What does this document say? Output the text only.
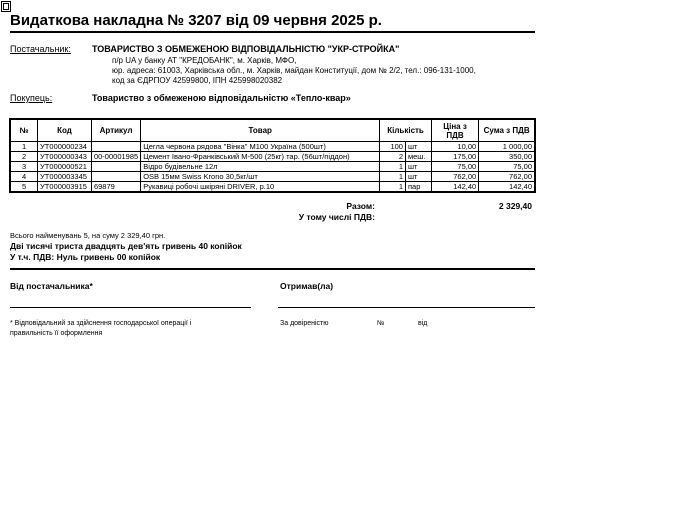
Видаткова накладна № 3207 від 09 червня 2025 р.
Постачальник: ТОВАРИСТВО З ОБМЕЖЕНОЮ ВІДПОВІДАЛЬНІСТЮ "УКР-СТРОЙКА"
п/р UA у банку АТ "КРЕДОБАНК", м. Харків, МФО,
юр. адреса: 61003, Харківська обл., м. Харків, майдан Конституції, дом № 2/2, тел.: 096-131-1000,
код за ЄДРПОУ 42599800, ІПН 425998020382
Покупець:	Товариство з обмеженою відповідальністю «Тепло-квар»
№	Код	Артикул	Товар	Кількість		Ціна з ПДВ	Сума з ПДВ
1	УТ000000234		Цегла червона рядова "Вінка" М100 Україна (500шт)	100	шт	10,00	1 000,00
2	УТ000000343	00-00001985	Цемент Івано-Франківський М-500 (25кг) тар. (56шт/піддон)	2	меш.	175,00	350,00
3	УТ000000521		Відро будівельне 12л	1	шт	75,00	75,00
4	УТ000003345		OSB 15мм Swiss Krono 30,5кг/шт	1	шт	762,00	762,00
5	УТ000003915	69879	Рукавиці робочі шкіряні DRIVER, р.10	1	пар	142,40	142,40
Разом:	2 329,40
У тому числі ПДВ:
Всього найменувань 5, на суму 2 329,40 грн.
Дві тисячі триста двадцять дев'ять гривень 40 копійок
У т.ч. ПДВ: Нуль гривень 00 копійок
Від постачальника*	Отримав(ла)
* Відповідальний за здійснення господарської операції і
правильність її оформлення
За довіреністю	№	від
